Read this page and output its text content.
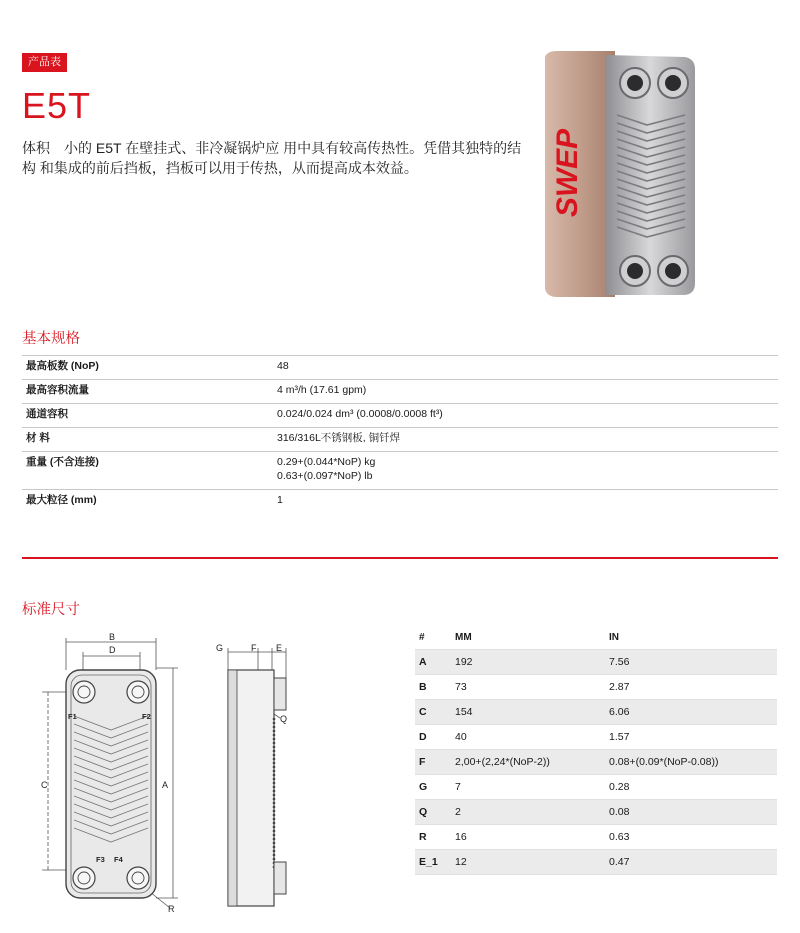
产品表
E5T
体积　小的 E5T 在壁挂式、非冷凝锅炉应 用中具有较高传热性。凭借其独特的结构 和集成的前后挡板，挡板可以用于传热，从而提高成本效益。	SWEP
基本规格
最高板数 (NoP)	48
最高容积流量	4 m³/h (17.61 gpm)
通道容积	0.024/0.024 dm³ (0.0008/0.0008 ft³)
材 料	316/316L不锈钢板, 铜钎焊
重量 (不含连接)	0.29+(0.044*NoP) kg
0.63+(0.097*NoP) lb
最大粒径 (mm)	1
标准尺寸
B
D
C	A
R
F1	F2
F3 F4
G	F E
Q
#	MM	IN
A	192	7.56
B	73	2.87
C	154	6.06
D	40	1.57
F	2,00+(2,24*(NoP-2))	0.08+(0.09*(NoP-0.08))
G	7	0.28
Q	2	0.08
R	16	0.63
E_1	12	0.47
